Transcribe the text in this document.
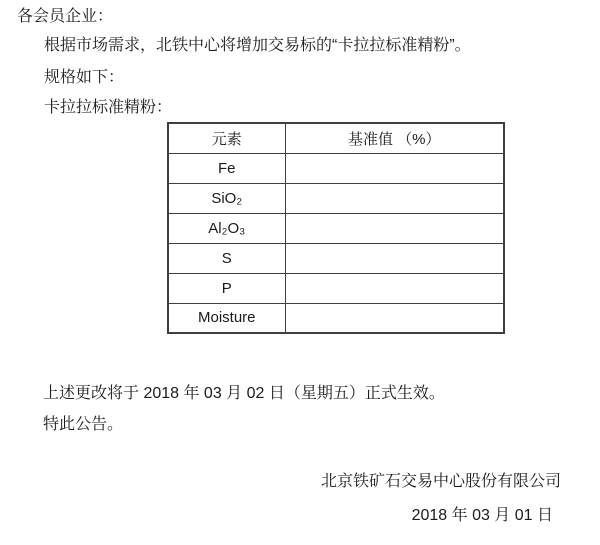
各会员企业：
根据市场需求，北铁中心将增加交易标的“卡拉拉标准精粉”。
规格如下：
卡拉拉标准精粉：
元素	基准值 （%）
Fe	
SiO₂	
Al₂O₃	
S	
P	
Moisture	
上述更改将于 2018 年 03 月 02 日（星期五）正式生效。
特此公告。
北京铁矿石交易中心股份有限公司
2018 年 03 月 01 日
